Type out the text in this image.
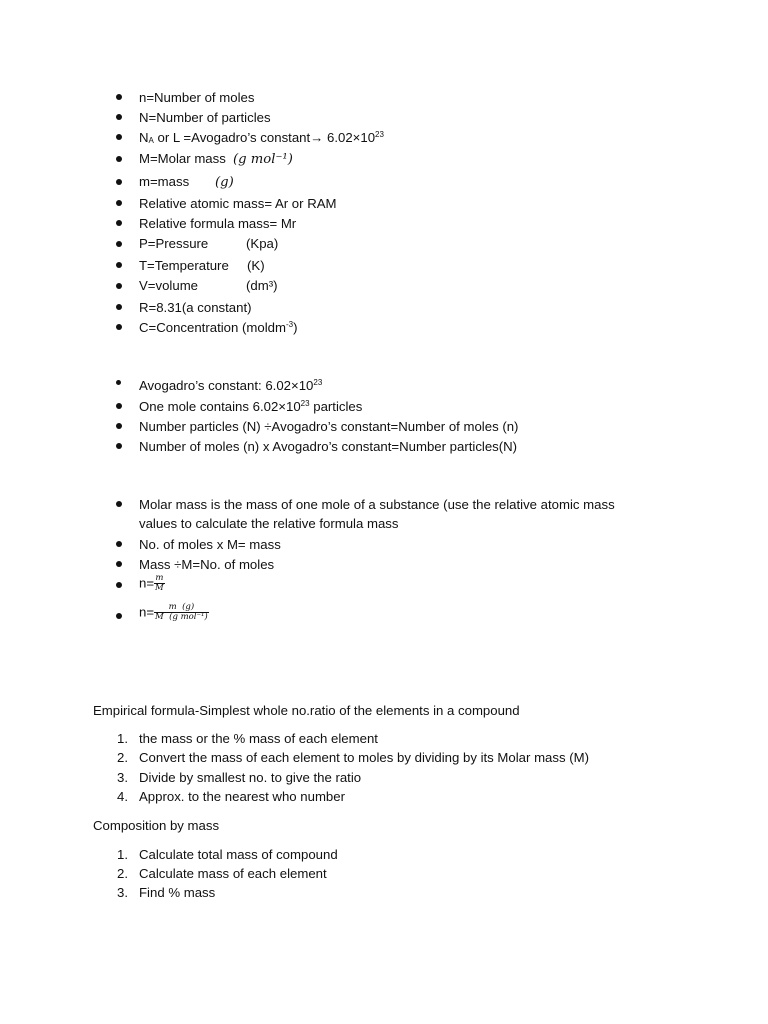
n=Number of moles
N=Number of particles
$N_A$ or L =Avogadro’s constant→ $6.02\times 10^{23}$
M=Molar mass (g mol⁻¹)
m=mass (g)
Relative atomic mass= Ar or RAM
Relative formula mass= Mr
P=Pressure	(Kpa)
T=Temperature (K)
V=volume	(dm³)
R=8.31(a constant)
C=Concentration (moldm$^{-3}$)
Avogadro’s constant: $6.02\times 10^{23}$
One mole contains $6.02\times 10^{23}$ particles
Number particles (N) ÷Avogadro’s constant=Number of moles (n)
Number of moles (n) x Avogadro’s constant=Number particles(N)
Molar mass is the mass of one mole of a substance (use the relative atomic mass
values to calculate the relative formula mass
No. of moles x M= mass
Mass ÷M=No. of moles
$n= \frac{m}{M}$
$n= \frac{m (g)}{\text{M  (g mol⁻¹)}}$
Empirical formula-Simplest whole no.ratio of the elements in a compound
1. the mass or the % mass of each element
2. Convert the mass of each element to moles by dividing by its Molar mass (M)
3. Divide by smallest no. to give the ratio
4. Approx. to the nearest who number
Composition by mass
1. Calculate total mass of compound
2. Calculate mass of each element
3. Find % mass
